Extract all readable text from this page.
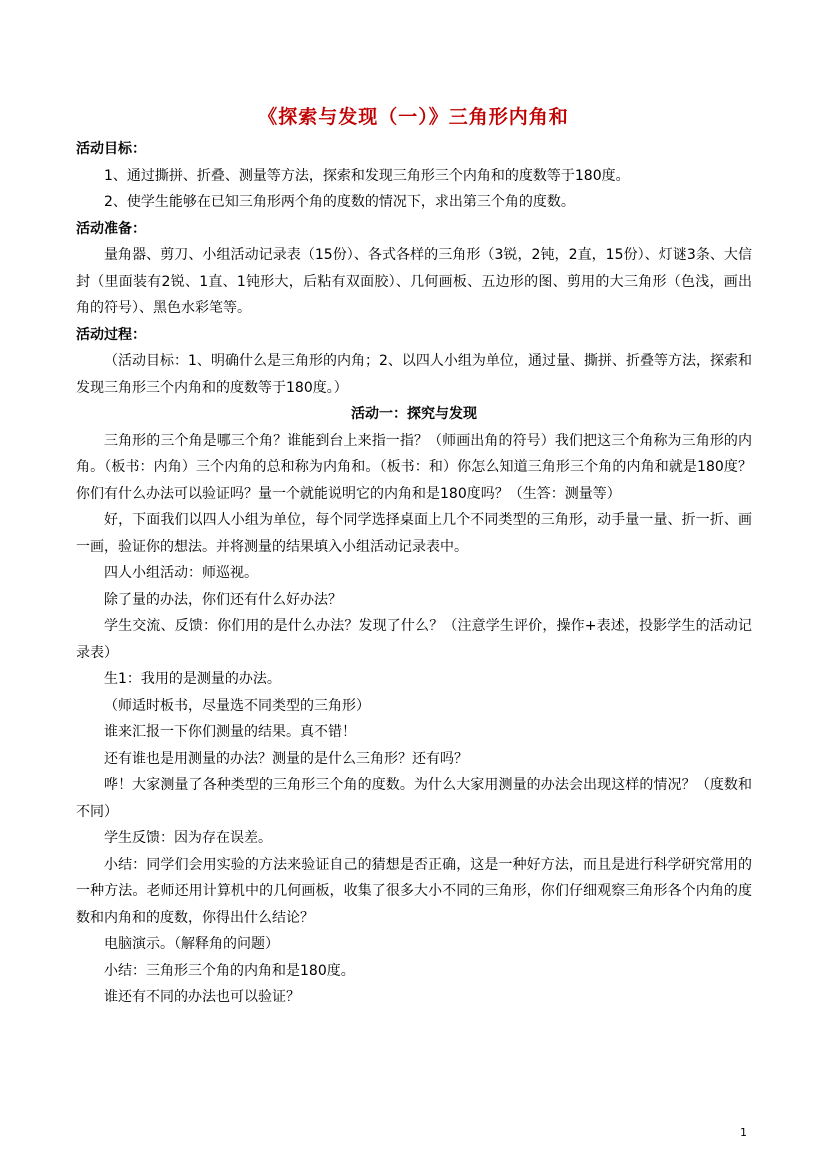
《探索与发现（一）》三角形内角和

活动目标：

1、通过撕拼、折叠、测量等方法，探索和发现三角形三个内角和的度数等于180度。

2、使学生能够在已知三角形两个角的度数的情况下，求出第三个角的度数。

活动准备：

量角器、剪刀、小组活动记录表（15份）、各式各样的三角形（3锐，2钝，2直，15份）、灯谜3条、大信封（里面装有2锐、1直、1钝形大，后粘有双面胶）、几何画板、五边形的图、剪用的大三角形（色浅，画出角的符号）、黑色水彩笔等。

活动过程：

（活动目标：1、明确什么是三角形的内角；2、以四人小组为单位，通过量、撕拼、折叠等方法，探索和发现三角形三个内角和的度数等于180度。）

活动一：探究与发现

三角形的三个角是哪三个角？谁能到台上来指一指？（师画出角的符号）我们把这三个角称为三角形的内角。（板书：内角）三个内角的总和称为内角和。（板书：和）你怎么知道三角形三个角的内角和就是180度？你们有什么办法可以验证吗？量一个就能说明它的内角和是180度吗？（生答：测量等）

好，下面我们以四人小组为单位，每个同学选择桌面上几个不同类型的三角形，动手量一量、折一折、画一画，验证你的想法。并将测量的结果填入小组活动记录表中。

四人小组活动：师巡视。

除了量的办法，你们还有什么好办法？

学生交流、反馈：你们用的是什么办法？发现了什么？（注意学生评价，操作+表述，投影学生的活动记录表）

生1：我用的是测量的办法。

（师适时板书，尽量选不同类型的三角形）

谁来汇报一下你们测量的结果。真不错！

还有谁也是用测量的办法？测量的是什么三角形？还有吗？

哗！大家测量了各种类型的三角形三个角的度数。为什么大家用测量的办法会出现这样的情况？（度数和不同）

学生反馈：因为存在误差。

小结：同学们会用实验的方法来验证自己的猜想是否正确，这是一种好方法，而且是进行科学研究常用的一种方法。老师还用计算机中的几何画板，收集了很多大小不同的三角形，你们仔细观察三角形各个内角的度数和内角和的度数，你得出什么结论？

电脑演示。（解释角的问题）

小结：三角形三个角的内角和是180度。

谁还有不同的办法也可以验证？

1
